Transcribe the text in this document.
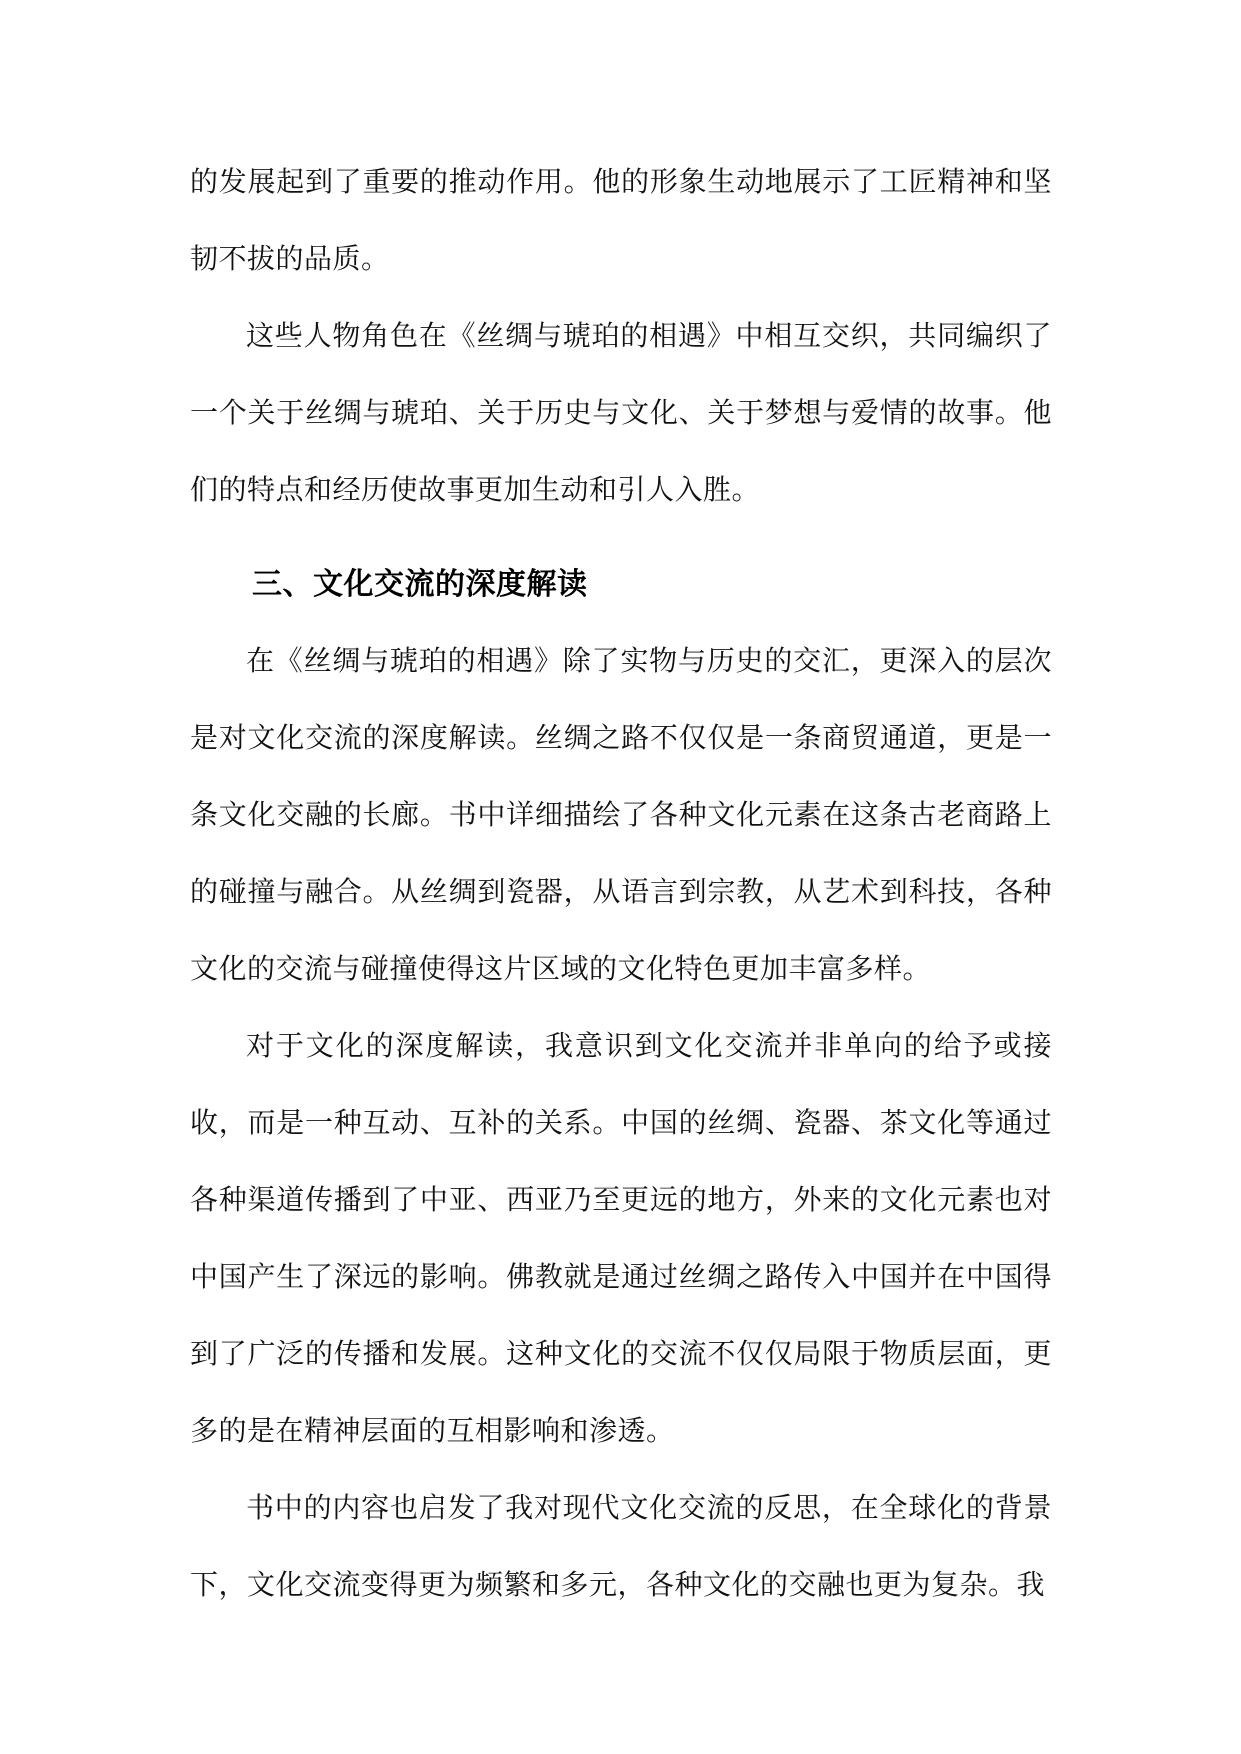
的发展起到了重要的推动作用。他的形象生动地展示了工匠精神和坚韧不拔的品质。

这些人物角色在《丝绸与琥珀的相遇》中相互交织，共同编织了一个关于丝绸与琥珀、关于历史与文化、关于梦想与爱情的故事。他们的特点和经历使故事更加生动和引人入胜。

三、文化交流的深度解读

在《丝绸与琥珀的相遇》除了实物与历史的交汇，更深入的层次是对文化交流的深度解读。丝绸之路不仅仅是一条商贸通道，更是一条文化交融的长廊。书中详细描绘了各种文化元素在这条古老商路上的碰撞与融合。从丝绸到瓷器，从语言到宗教，从艺术到科技，各种文化的交流与碰撞使得这片区域的文化特色更加丰富多样。

对于文化的深度解读，我意识到文化交流并非单向的给予或接收，而是一种互动、互补的关系。中国的丝绸、瓷器、茶文化等通过各种渠道传播到了中亚、西亚乃至更远的地方，外来的文化元素也对中国产生了深远的影响。佛教就是通过丝绸之路传入中国并在中国得到了广泛的传播和发展。这种文化的交流不仅仅局限于物质层面，更多的是在精神层面的互相影响和渗透。

书中的内容也启发了我对现代文化交流的反思，在全球化的背景下，文化交流变得更为频繁和多元，各种文化的交融也更为复杂。我
